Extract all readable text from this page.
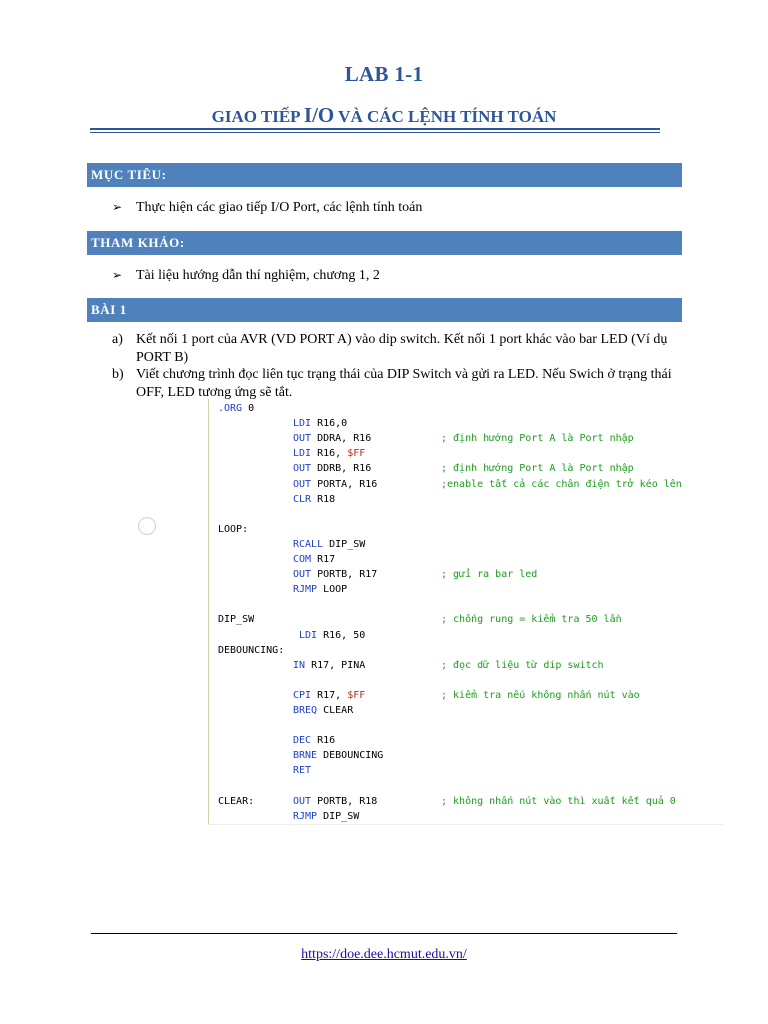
LAB 1-1
GIAO TIẾP I/O VÀ CÁC LỆNH TÍNH TOÁN
MỤC TIÊU:
➢ Thực hiện các giao tiếp I/O Port, các lệnh tính toán
THAM KHẢO:
➢ Tài liệu hướng dẫn thí nghiệm, chương 1, 2
BÀI 1
a) Kết nối 1 port của AVR (VD PORT A) vào dip switch. Kết nối 1 port khác vào bar LED (Ví dụ PORT B)
b) Viết chương trình đọc liên tục trạng thái của DIP Switch và gửi ra LED. Nếu Swich ở trạng thái OFF, LED tương ứng sẽ tắt.
.ORG 0
LDI R16,0
OUT DDRA, R16	; định hướng Port A là Port nhập
LDI R16, $FF
OUT DDRB, R16	; định hướng Port A là Port nhập
OUT PORTA, R16	;enable tất cả các chân điện trở kéo lên
CLR R18
LOOP:
RCALL DIP_SW
COM R17
OUT PORTB, R17	; gửi ra bar led
RJMP LOOP
DIP_SW	; chống rung = kiểm tra 50 lần
LDI R16, 50
DEBOUNCING:
IN R17, PINA	; đọc dữ liệu từ dip switch
CPI R17, $FF	; kiểm tra nếu không nhấn nút vào
BREQ CLEAR
DEC R16
BRNE DEBOUNCING
RET
CLEAR:	OUT PORTB, R18	; không nhấn nút vào thì xuất kết quả 0
RJMP DIP_SW
https://doe.dee.hcmut.edu.vn/
